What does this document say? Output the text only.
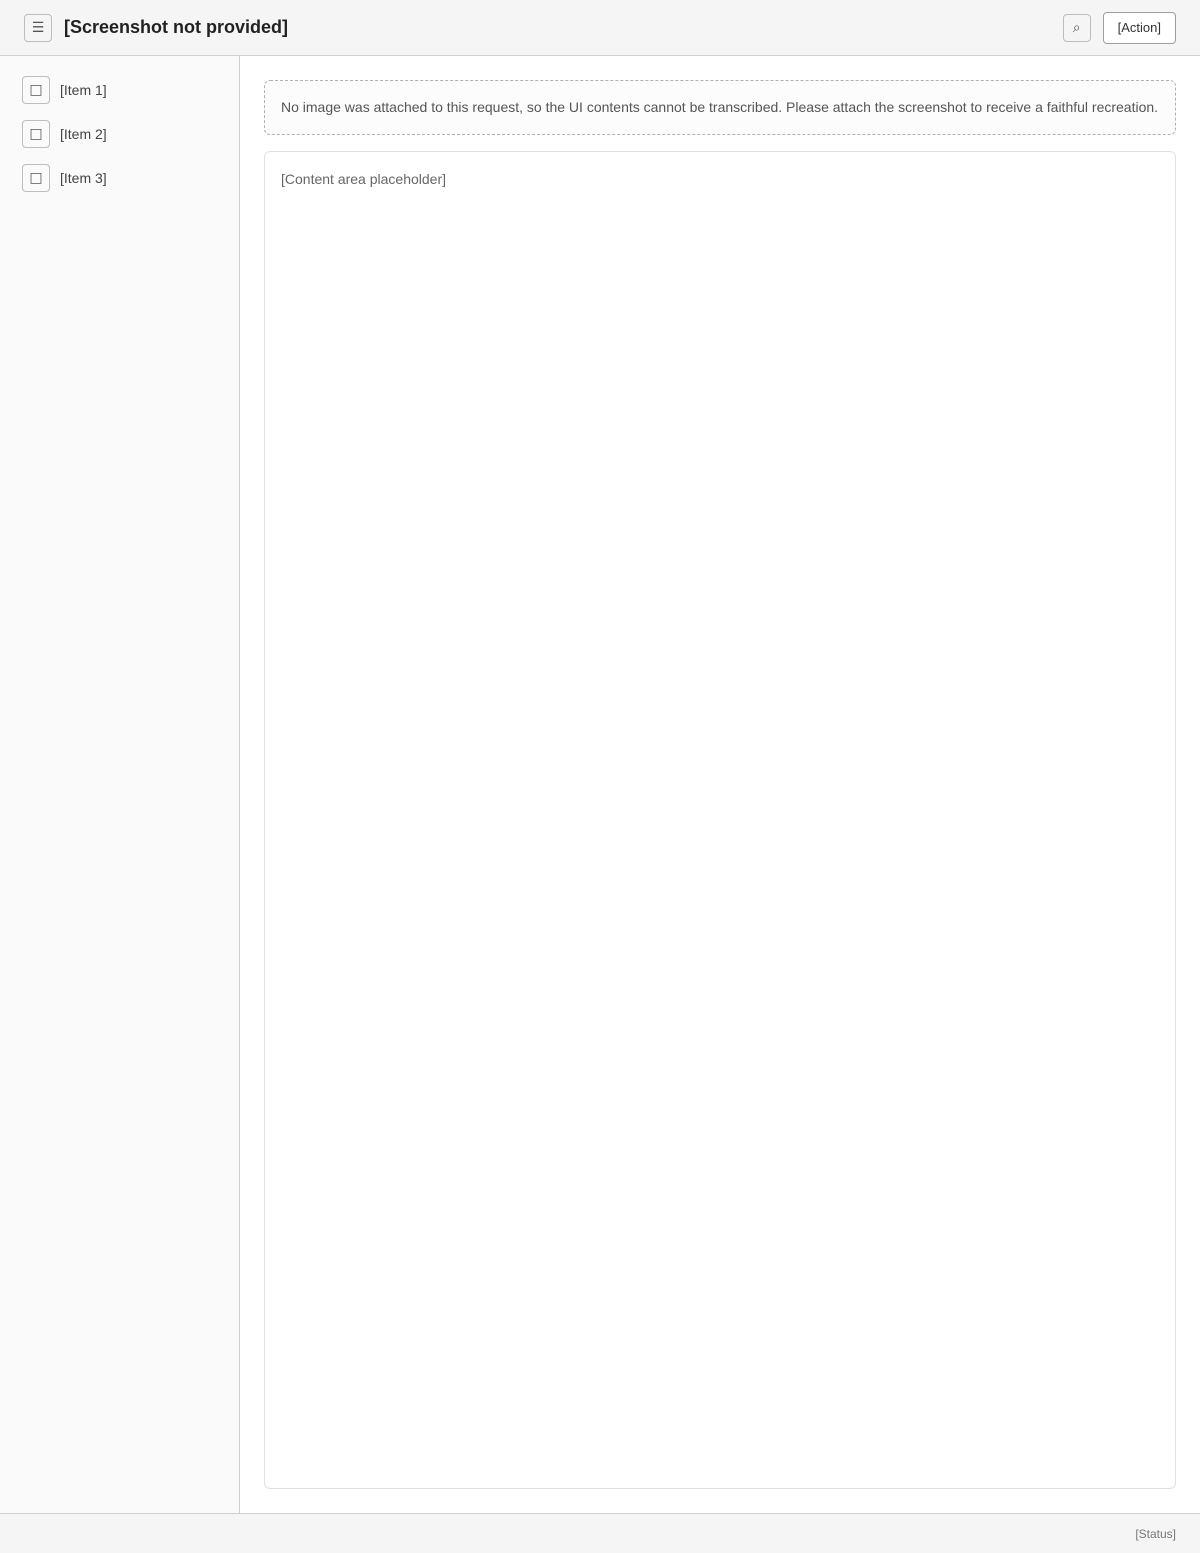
☰	[Screenshot not provided]	⌕	[Action]
□	[Item 1]
□	[Item 2]
□	[Item 3]
No image was attached to this request, so the UI contents cannot be transcribed. Please attach the screenshot to receive a faithful recreation.
[Content area placeholder]
[Status]
